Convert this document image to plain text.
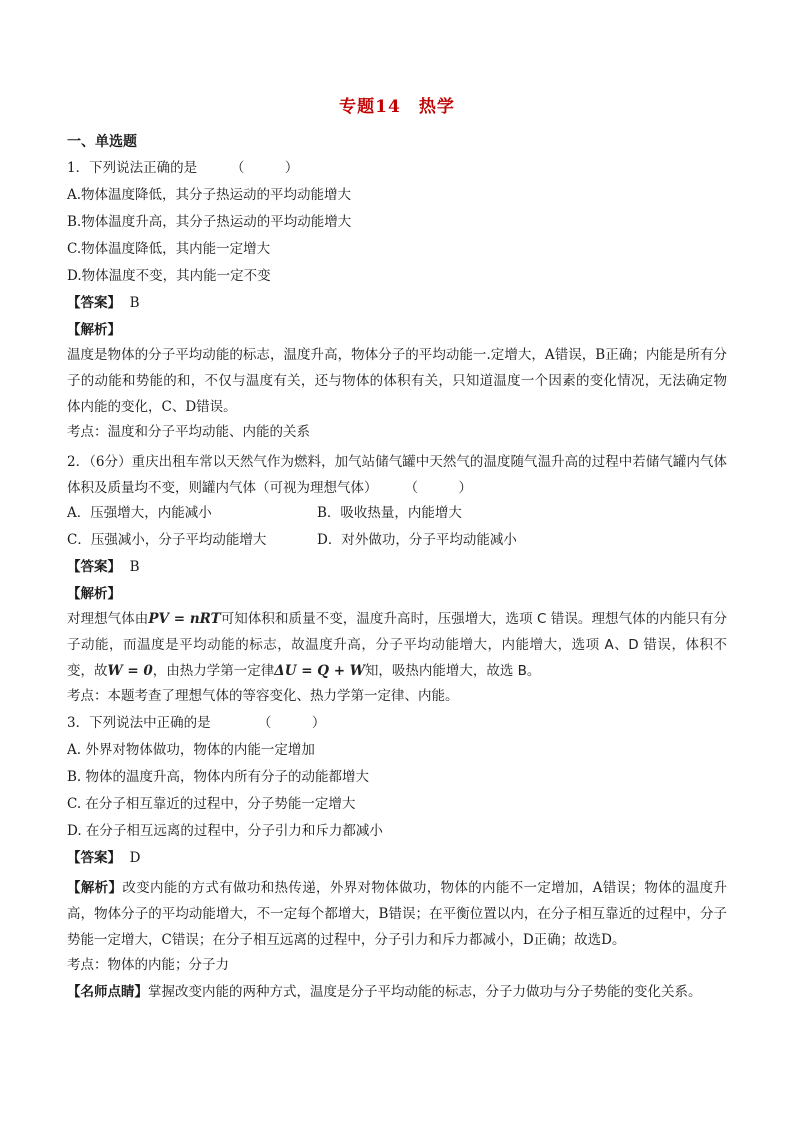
专题14　热学
一、单选题
1．下列说法正确的是　　　（　　　）
A.物体温度降低，其分子热运动的平均动能增大
B.物体温度升高，其分子热运动的平均动能增大
C.物体温度降低，其内能一定增大
D.物体温度不变，其内能一定不变
【答案】 B
【解析】
温度是物体的分子平均动能的标志，温度升高，物体分子的平均动能一.定增大，A错误，B正确；内能是所有分子的动能和势能的和，不仅与温度有关，还与物体的体积有关，只知道温度一个因素的变化情况，无法确定物体内能的变化，C、D错误。
考点：温度和分子平均动能、内能的关系
2．（6分）重庆出租车常以天然气作为燃料，加气站储气罐中天然气的温度随气温升高的过程中若储气罐内气体体积及质量均不变，则罐内气体（可视为理想气体）　　　（　　　）
A．压强增大，内能减小	B．吸收热量，内能增大
C．压强减小，分子平均动能增大	D．对外做功，分子平均动能减小
【答案】 B
【解析】
对理想气体由PV = nRT可知体积和质量不变，温度升高时，压强增大，选项 C 错误。理想气体的内能只有分子动能，而温度是平均动能的标志，故温度升高，分子平均动能增大，内能增大，选项 A、D 错误，体积不变，故W = 0，由热力学第一定律ΔU = Q + W知，吸热内能增大，故选 B。
考点：本题考查了理想气体的等容变化、热力学第一定律、内能。
3．下列说法中正确的是　　　　（　　　）
A. 外界对物体做功，物体的内能一定增加
B. 物体的温度升高，物体内所有分子的动能都增大
C. 在分子相互靠近的过程中，分子势能一定增大
D. 在分子相互远离的过程中，分子引力和斥力都减小
【答案】 D
【解析】改变内能的方式有做功和热传递，外界对物体做功，物体的内能不一定增加，A错误；物体的温度升高，物体分子的平均动能增大，不一定每个都增大，B错误；在平衡位置以内，在分子相互靠近的过程中，分子势能一定增大，C错误；在分子相互远离的过程中，分子引力和斥力都减小，D正确；故选D。
考点：物体的内能；分子力
【名师点睛】掌握改变内能的两种方式，温度是分子平均动能的标志，分子力做功与分子势能的变化关系。
